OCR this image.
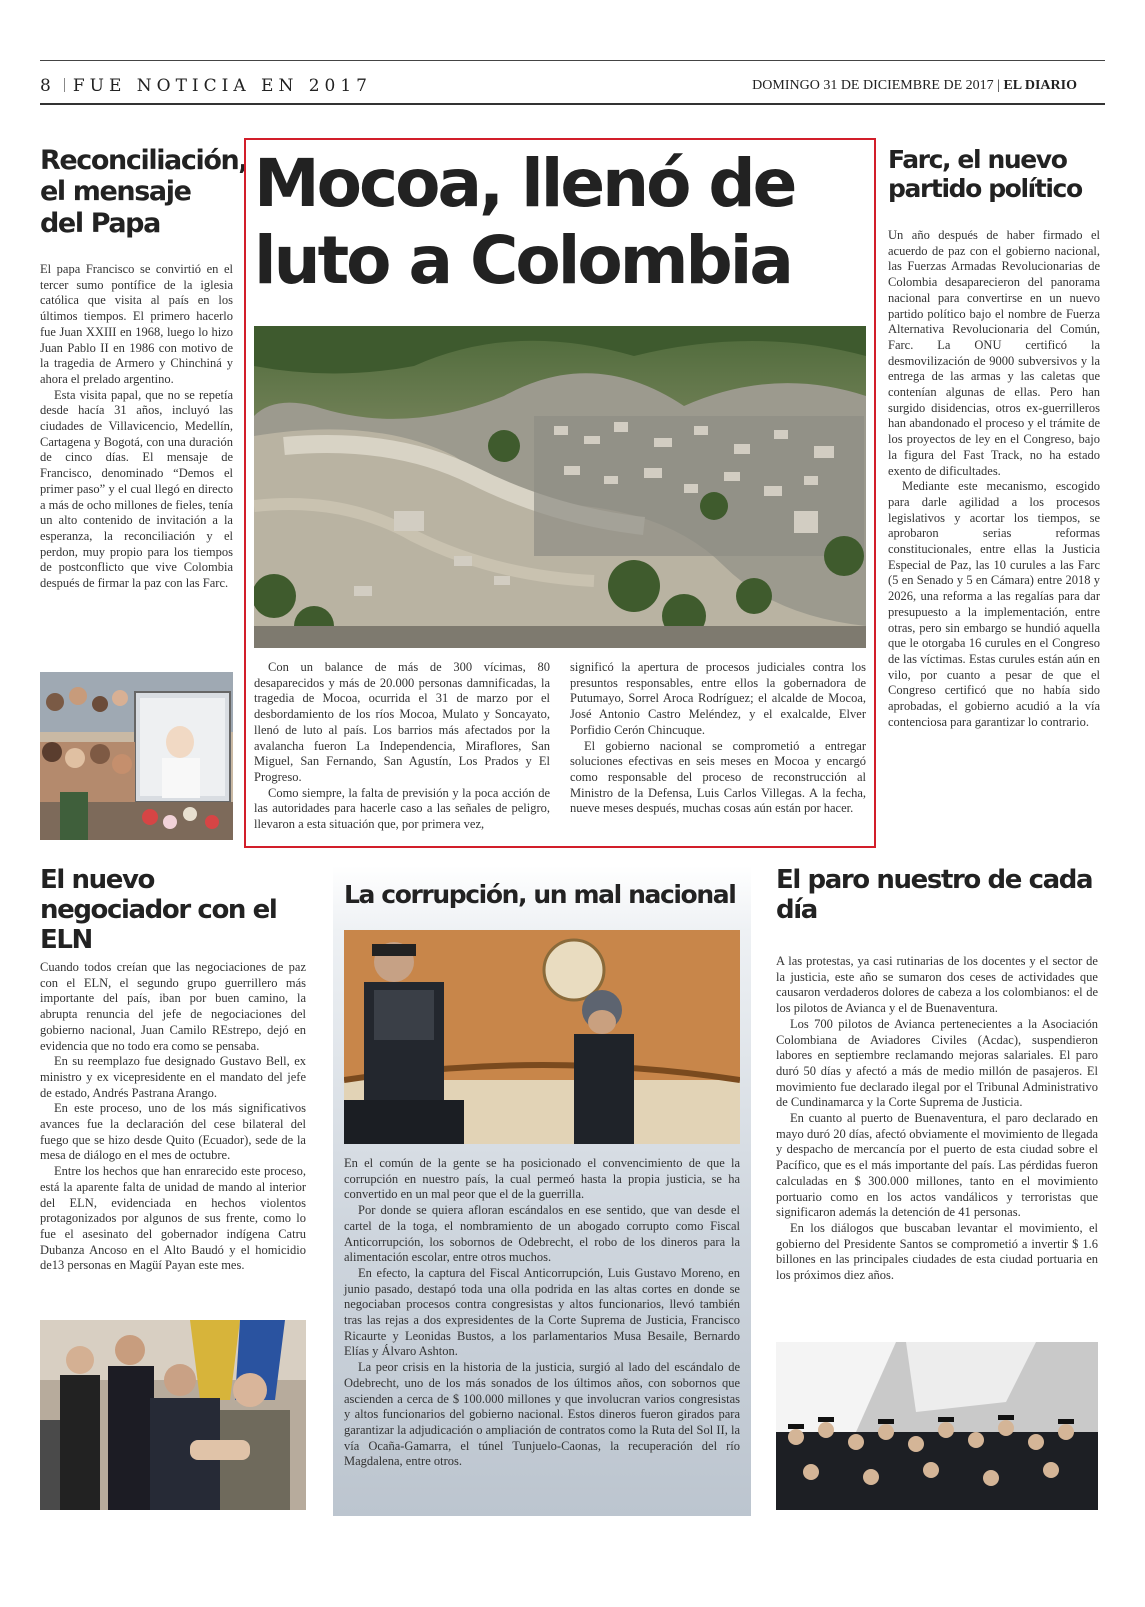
8 FUE NOTICIA EN 2017	DOMINGO 31 DE DICIEMBRE DE 2017 | EL DIARIO
Reconciliación, el mensaje del Papa

El papa Francisco se convirtió en el tercer sumo pontífice de la iglesia católica que visita al país en los últimos tiempos. El primero hacerlo fue Juan XXIII en 1968, luego lo hizo Juan Pablo II en 1986 con motivo de la tragedia de Armero y Chinchiná y ahora el prelado argentino.

Esta visita papal, que no se repetía desde hacía 31 años, incluyó las ciudades de Villavicencio, Medellín, Cartagena y Bogotá, con una duración de cinco días. El mensaje de Francisco, denominado “Demos el primer paso” y el cual llegó en directo a más de ocho millones de fieles, tenía un alto contenido de invitación a la esperanza, la reconciliación y el perdon, muy propio para los tiempos de postconflicto que vive Colombia después de firmar la paz con las Farc.

Mocoa, llenó de luto a Colombia

Con un balance de más de 300 vícimas, 80 desaparecidos y más de 20.000 personas damnificadas, la tragedia de Mocoa, ocurrida el 31 de marzo por el desbordamiento de los ríos Mocoa, Mulato y Soncayato, llenó de luto al país. Los barrios más afectados por la avalancha fueron La Independencia, Miraflores, San Miguel, San Fernando, San Agustín, Los Prados y El Progreso.

Como siempre, la falta de previsión y la poca acción de las autoridades para hacerle caso a las señales de peligro, llevaron a esta situación que, por primera vez,

significó la apertura de procesos judiciales contra los presuntos responsables, entre ellos la gobernadora de Putumayo, Sorrel Aroca Rodríguez; el alcalde de Mocoa, José Antonio Castro Meléndez, y el exalcalde, Elver Porfidio Cerón Chincuque.

El gobierno nacional se comprometió a entregar soluciones efectivas en seis meses en Mocoa y encargó como responsable del proceso de reconstrucción al Ministro de la Defensa, Luis Carlos Villegas. A la fecha, nueve meses después, muchas cosas aún están por hacer.

Farc, el nuevo partido político

Un año después de haber firmado el acuerdo de paz con el gobierno nacional, las Fuerzas Armadas Revolucionarias de Colombia desaparecieron del panorama nacional para convertirse en un nuevo partido político bajo el nombre de Fuerza Alternativa Revolucionaria del Común, Farc. La ONU certificó la desmovilización de 9000 subversivos y la entrega de las armas y las caletas que contenían algunas de ellas. Pero han surgido disidencias, otros ex-guerrilleros han abandonado el proceso y el trámite de los proyectos de ley en el Congreso, bajo la figura del Fast Track, no ha estado exento de dificultades.

Mediante este mecanismo, escogido para darle agilidad a los procesos legislativos y acortar los tiempos, se aprobaron serias reformas constitucionales, entre ellas la Justicia Especial de Paz, las 10 curules a las Farc (5 en Senado y 5 en Cámara) entre 2018 y 2026, una reforma a las regalías para dar presupuesto a la implementación, entre otras, pero sin embargo se hundió aquella que le otorgaba 16 curules en el Congreso de las víctimas. Estas curules están aún en vilo, por cuanto a pesar de que el Congreso certificó que no había sido aprobadas, el gobierno acudió a la vía contenciosa para garantizar lo contrario.

El nuevo negociador con el ELN

Cuando todos creían que las negociaciones de paz con el ELN, el segundo grupo guerrillero más importante del país, iban por buen camino, la abrupta renuncia del jefe de negociaciones del gobierno nacional, Juan Camilo REstrepo, dejó en evidencia que no todo era como se pensaba.

En su reemplazo fue designado Gustavo Bell, ex ministro y ex vicepresidente en el mandato del jefe de estado, Andrés Pastrana Arango.

En este proceso, uno de los más significativos avances fue la declaración del cese bilateral del fuego que se hizo desde Quito (Ecuador), sede de la mesa de diálogo en el mes de octubre.

Entre los hechos que han enrarecido este proceso, está la aparente falta de unidad de mando al interior del ELN, evidenciada en hechos violentos protagonizados por algunos de sus frente, como lo fue el asesinato del gobernador indígena Catru Dubanza Ancoso en el Alto Baudó y el homicidio de13 personas en Magüí Payan este mes.

La corrupción, un mal nacional

En el común de la gente se ha posicionado el convencimiento de que la corrupción en nuestro país, la cual permeó hasta la propia justicia, se ha convertido en un mal peor que el de la guerrilla.

Por donde se quiera afloran escándalos en ese sentido, que van desde el cartel de la toga, el nombramiento de un abogado corrupto como Fiscal Anticorrupción, los sobornos de Odebrecht, el robo de los dineros para la alimentación escolar, entre otros muchos.

En efecto, la captura del Fiscal Anticorrupción, Luis Gustavo Moreno, en junio pasado, destapó toda una olla podrida en las altas cortes en donde se negociaban procesos contra congresistas y altos funcionarios, llevó también tras las rejas a dos expresidentes de la Corte Suprema de Justicia, Francisco Ricaurte y Leonidas Bustos, a los parlamentarios Musa Besaile, Bernardo Elías y Álvaro Ashton.

La peor crisis en la historia de la justicia, surgió al lado del escándalo de Odebrecht, uno de los más sonados de los últimos años, con sobornos que ascienden a cerca de $ 100.000 millones y que involucran varios congresistas y altos funcionarios del gobierno nacional. Estos dineros fueron girados para garantizar la adjudicación o ampliación de contratos como la Ruta del Sol II, la vía Ocaña-Gamarra, el túnel Tunjuelo-Caonas, la recuperación del río Magdalena, entre otros.

El paro nuestro de cada día

A las protestas, ya casi rutinarias de los docentes y el sector de la justicia, este año se sumaron dos ceses de actividades que causaron verdaderos dolores de cabeza a los colombianos: el de los pilotos de Avianca y el de Buenaventura.

Los 700 pilotos de Avianca pertenecientes a la Asociación Colombiana de Aviadores Civiles (Acdac), suspendieron labores en septiembre reclamando mejoras salariales. El paro duró 50 días y afectó a más de medio millón de pasajeros. El movimiento fue declarado ilegal por el Tribunal Administrativo de Cundinamarca y la Corte Suprema de Justicia.

En cuanto al puerto de Buenaventura, el paro declarado en mayo duró 20 días, afectó obviamente el movimiento de llegada y despacho de mercancía por el puerto de esta ciudad sobre el Pacífico, que es el más importante del país. Las pérdidas fueron calculadas en $ 300.000 millones, tanto en el movimiento portuario como en los actos vandálicos y terroristas que significaron además la detención de 41 personas.

En los diálogos que buscaban levantar el movimiento, el gobierno del Presidente Santos se comprometió a invertir $ 1.6 billones en las principales ciudades de esta ciudad portuaria en los próximos diez años.
